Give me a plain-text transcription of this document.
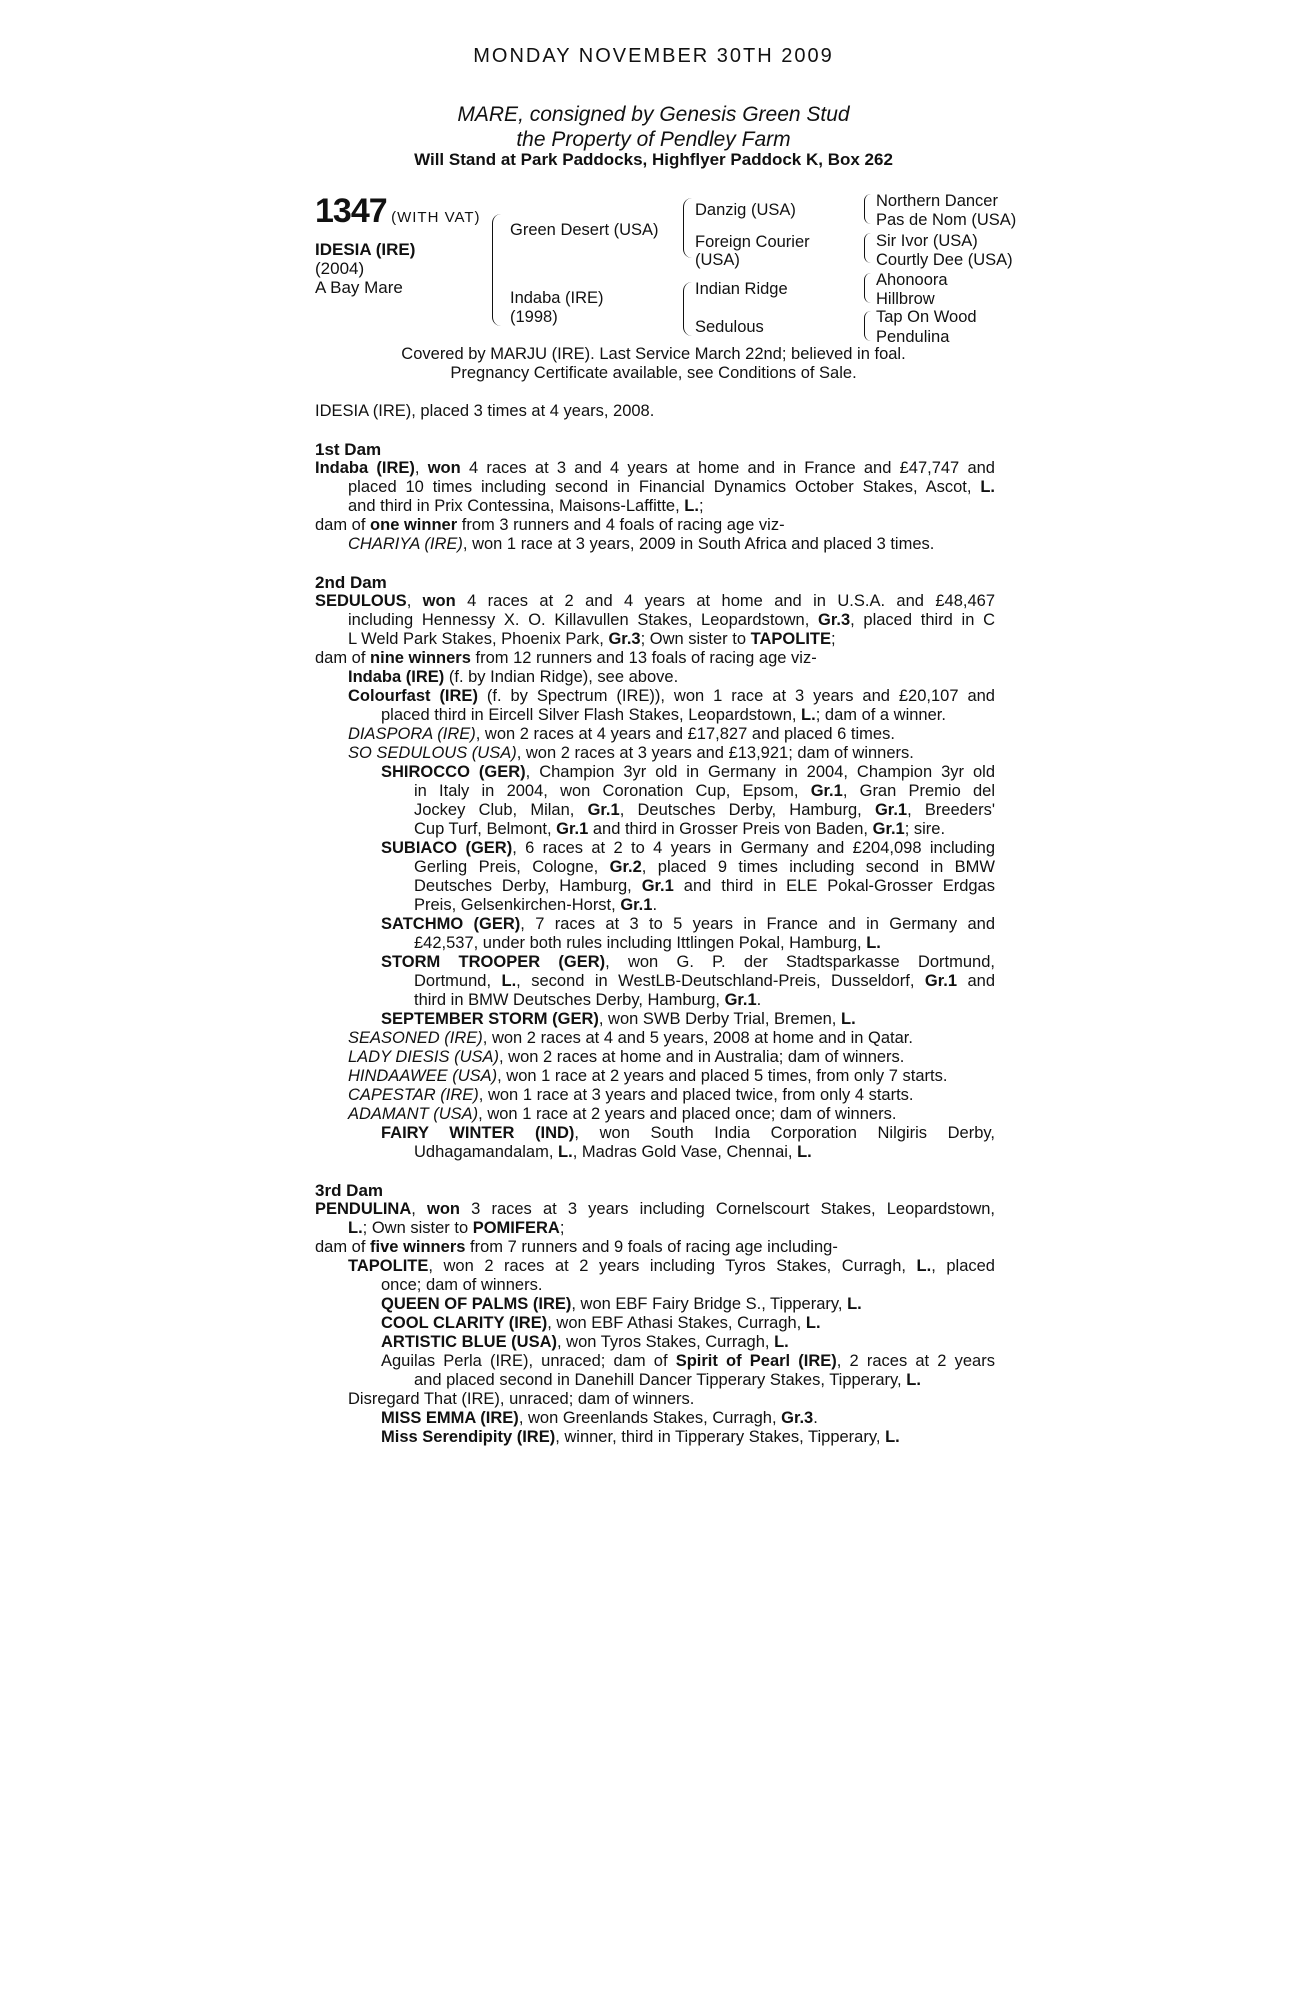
MONDAY NOVEMBER 30TH 2009
MARE, consigned by Genesis Green Stud
the Property of Pendley Farm
Will Stand at Park Paddocks, Highflyer Paddock K, Box 262
1347 (WITH VAT)
IDESIA (IRE)
(2004)
A Bay Mare
Green Desert (USA)
Indaba (IRE)
(1998)
Danzig (USA)
Foreign Courier
(USA)
Indian Ridge
Sedulous
Northern Dancer
Pas de Nom (USA)
Sir Ivor (USA)
Courtly Dee (USA)
Ahonoora
Hillbrow
Tap On Wood
Pendulina
Covered by MARJU (IRE). Last Service March 22nd; believed in foal.
Pregnancy Certificate available, see Conditions of Sale.
IDESIA (IRE), placed 3 times at 4 years, 2008.
1st Dam
Indaba (IRE), won 4 races at 3 and 4 years at home and in France and £47,747 and
placed 10 times including second in Financial Dynamics October Stakes, Ascot, L.
and third in Prix Contessina, Maisons-Laffitte, L.;
dam of one winner from 3 runners and 4 foals of racing age viz-
CHARIYA (IRE), won 1 race at 3 years, 2009 in South Africa and placed 3 times.
2nd Dam
SEDULOUS, won 4 races at 2 and 4 years at home and in U.S.A. and £48,467
including Hennessy X. O. Killavullen Stakes, Leopardstown, Gr.3, placed third in C
L Weld Park Stakes, Phoenix Park, Gr.3; Own sister to TAPOLITE;
dam of nine winners from 12 runners and 13 foals of racing age viz-
Indaba (IRE) (f. by Indian Ridge), see above.
Colourfast (IRE) (f. by Spectrum (IRE)), won 1 race at 3 years and £20,107 and
placed third in Eircell Silver Flash Stakes, Leopardstown, L.; dam of a winner.
DIASPORA (IRE), won 2 races at 4 years and £17,827 and placed 6 times.
SO SEDULOUS (USA), won 2 races at 3 years and £13,921; dam of winners.
SHIROCCO (GER), Champion 3yr old in Germany in 2004, Champion 3yr old
in Italy in 2004, won Coronation Cup, Epsom, Gr.1, Gran Premio del
Jockey Club, Milan, Gr.1, Deutsches Derby, Hamburg, Gr.1, Breeders'
Cup Turf, Belmont, Gr.1 and third in Grosser Preis von Baden, Gr.1; sire.
SUBIACO (GER), 6 races at 2 to 4 years in Germany and £204,098 including
Gerling Preis, Cologne, Gr.2, placed 9 times including second in BMW
Deutsches Derby, Hamburg, Gr.1 and third in ELE Pokal-Grosser Erdgas
Preis, Gelsenkirchen-Horst, Gr.1.
SATCHMO (GER), 7 races at 3 to 5 years in France and in Germany and
£42,537, under both rules including Ittlingen Pokal, Hamburg, L.
STORM TROOPER (GER), won G. P. der Stadtsparkasse Dortmund,
Dortmund, L., second in WestLB-Deutschland-Preis, Dusseldorf, Gr.1 and
third in BMW Deutsches Derby, Hamburg, Gr.1.
SEPTEMBER STORM (GER), won SWB Derby Trial, Bremen, L.
SEASONED (IRE), won 2 races at 4 and 5 years, 2008 at home and in Qatar.
LADY DIESIS (USA), won 2 races at home and in Australia; dam of winners.
HINDAAWEE (USA), won 1 race at 2 years and placed 5 times, from only 7 starts.
CAPESTAR (IRE), won 1 race at 3 years and placed twice, from only 4 starts.
ADAMANT (USA), won 1 race at 2 years and placed once; dam of winners.
FAIRY WINTER (IND), won South India Corporation Nilgiris Derby,
Udhagamandalam, L., Madras Gold Vase, Chennai, L.
3rd Dam
PENDULINA, won 3 races at 3 years including Cornelscourt Stakes, Leopardstown,
L.; Own sister to POMIFERA;
dam of five winners from 7 runners and 9 foals of racing age including-
TAPOLITE, won 2 races at 2 years including Tyros Stakes, Curragh, L., placed
once; dam of winners.
QUEEN OF PALMS (IRE), won EBF Fairy Bridge S., Tipperary, L.
COOL CLARITY (IRE), won EBF Athasi Stakes, Curragh, L.
ARTISTIC BLUE (USA), won Tyros Stakes, Curragh, L.
Aguilas Perla (IRE), unraced; dam of Spirit of Pearl (IRE), 2 races at 2 years
and placed second in Danehill Dancer Tipperary Stakes, Tipperary, L.
Disregard That (IRE), unraced; dam of winners.
MISS EMMA (IRE), won Greenlands Stakes, Curragh, Gr.3.
Miss Serendipity (IRE), winner, third in Tipperary Stakes, Tipperary, L.
